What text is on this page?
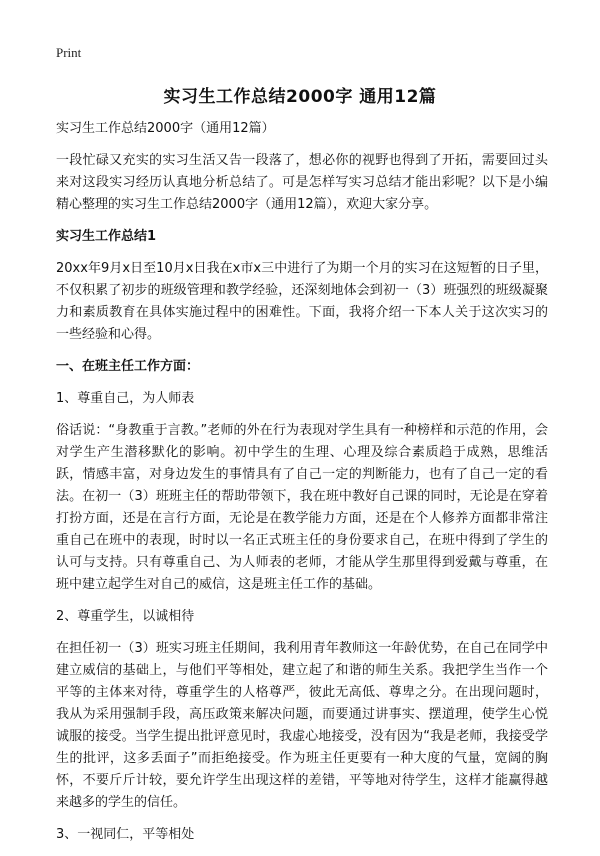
Print
实习生工作总结2000字 通用12篇

实习生工作总结2000字（通用12篇）

一段忙碌又充实的实习生活又告一段落了，想必你的视野也得到了开拓，需要回过头来对这段实习经历认真地分析总结了。可是怎样写实习总结才能出彩呢？以下是小编精心整理的实习生工作总结2000字（通用12篇），欢迎大家分享。

实习生工作总结1

20xx年9月x日至10月x日我在x市x三中进行了为期一个月的实习在这短暂的日子里，不仅积累了初步的班级管理和教学经验，还深刻地体会到初一（3）班强烈的班级凝聚力和素质教育在具体实施过程中的困难性。下面，我将介绍一下本人关于这次实习的一些经验和心得。

一、在班主任工作方面：

1、尊重自己，为人师表

俗话说：“身教重于言教。”老师的外在行为表现对学生具有一种榜样和示范的作用，会对学生产生潜移默化的影响。初中学生的生理、心理及综合素质趋于成熟，思维活跃，情感丰富，对身边发生的事情具有了自己一定的判断能力，也有了自己一定的看法。在初一（3）班班主任的帮助带领下，我在班中教好自己课的同时，无论是在穿着打扮方面，还是在言行方面，无论是在教学能力方面，还是在个人修养方面都非常注重自己在班中的表现，时时以一名正式班主任的身份要求自己，在班中得到了学生的认可与支持。只有尊重自己、为人师表的老师，才能从学生那里得到爱戴与尊重，在班中建立起学生对自己的威信，这是班主任工作的基础。

2、尊重学生，以诚相待

在担任初一（3）班实习班主任期间，我利用青年教师这一年龄优势，在自己在同学中建立威信的基础上，与他们平等相处，建立起了和谐的师生关系。我把学生当作一个平等的主体来对待，尊重学生的人格尊严，彼此无高低、尊卑之分。在出现问题时，我从为采用强制手段，高压政策来解决问题，而要通过讲事实、摆道理，使学生心悦诚服的接受。当学生提出批评意见时，我虚心地接受，没有因为“我是老师，我接受学生的批评，这多丢面子”而拒绝接受。作为班主任更要有一种大度的气量，宽阔的胸怀，不要斤斤计较，要允许学生出现这样的差错，平等地对待学生，这样才能赢得越来越多的学生的信任。

3、一视同仁，平等相处
